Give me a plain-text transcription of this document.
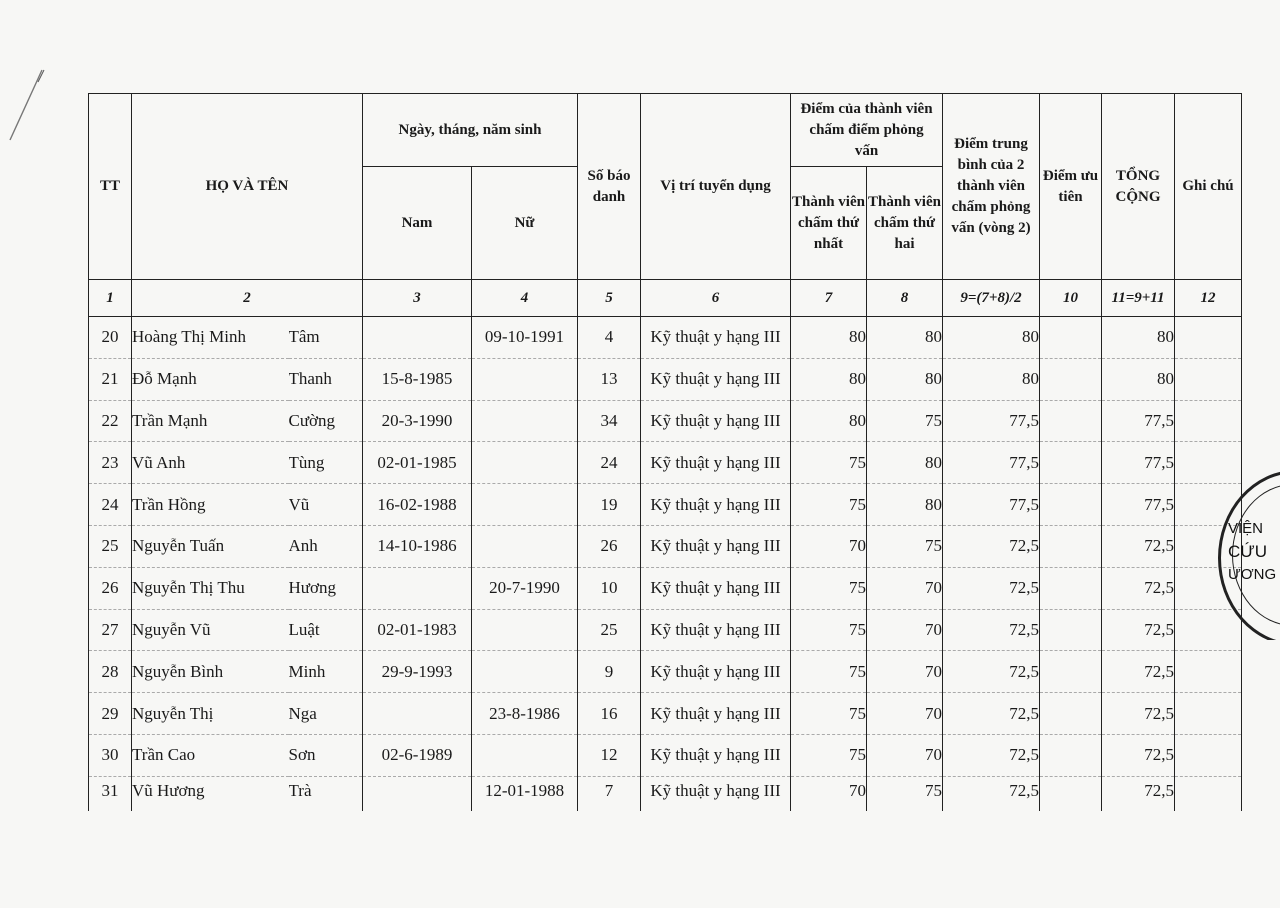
TT	HỌ VÀ TÊN		Ngày, tháng, năm sinh		Số báo danh	Vị trí tuyển dụng	Điểm của thành viên chấm điểm phỏng vấn		Điểm trung bình của 2 thành viên chấm phỏng vấn (vòng 2)	Điểm ưu tiên	TỔNG CỘNG	Ghi chú
			Nam	Nữ			Thành viên chấm thứ nhất	Thành viên chấm thứ hai				
1	2		3	4	5	6	7	8	9=(7+8)/2	10	11=9+11	12
20	Hoàng Thị Minh	Tâm		09-10-1991	4	Kỹ thuật y hạng III	80	80	80		80	
21	Đỗ Mạnh	Thanh	15-8-1985		13	Kỹ thuật y hạng III	80	80	80		80	
22	Trần Mạnh	Cường	20-3-1990		34	Kỹ thuật y hạng III	80	75	77,5		77,5	
23	Vũ Anh	Tùng	02-01-1985		24	Kỹ thuật y hạng III	75	80	77,5		77,5	
24	Trần Hồng	Vũ	16-02-1988		19	Kỹ thuật y hạng III	75	80	77,5		77,5	
25	Nguyễn Tuấn	Anh	14-10-1986		26	Kỹ thuật y hạng III	70	75	72,5		72,5	
26	Nguyễn Thị Thu	Hương		20-7-1990	10	Kỹ thuật y hạng III	75	70	72,5		72,5	
27	Nguyễn Vũ	Luật	02-01-1983		25	Kỹ thuật y hạng III	75	70	72,5		72,5	
28	Nguyễn Bình	Minh	29-9-1993		9	Kỹ thuật y hạng III	75	70	72,5		72,5	
29	Nguyễn Thị	Nga		23-8-1986	16	Kỹ thuật y hạng III	75	70	72,5		72,5	
30	Trần Cao	Sơn	02-6-1989		12	Kỹ thuật y hạng III	75	70	72,5		72,5	
31	Vũ Hương	Trà		12-01-1988	7	Kỹ thuật y hạng III	70	75	72,5		72,5	
VIỆN
CỨU
ƯƠNG
